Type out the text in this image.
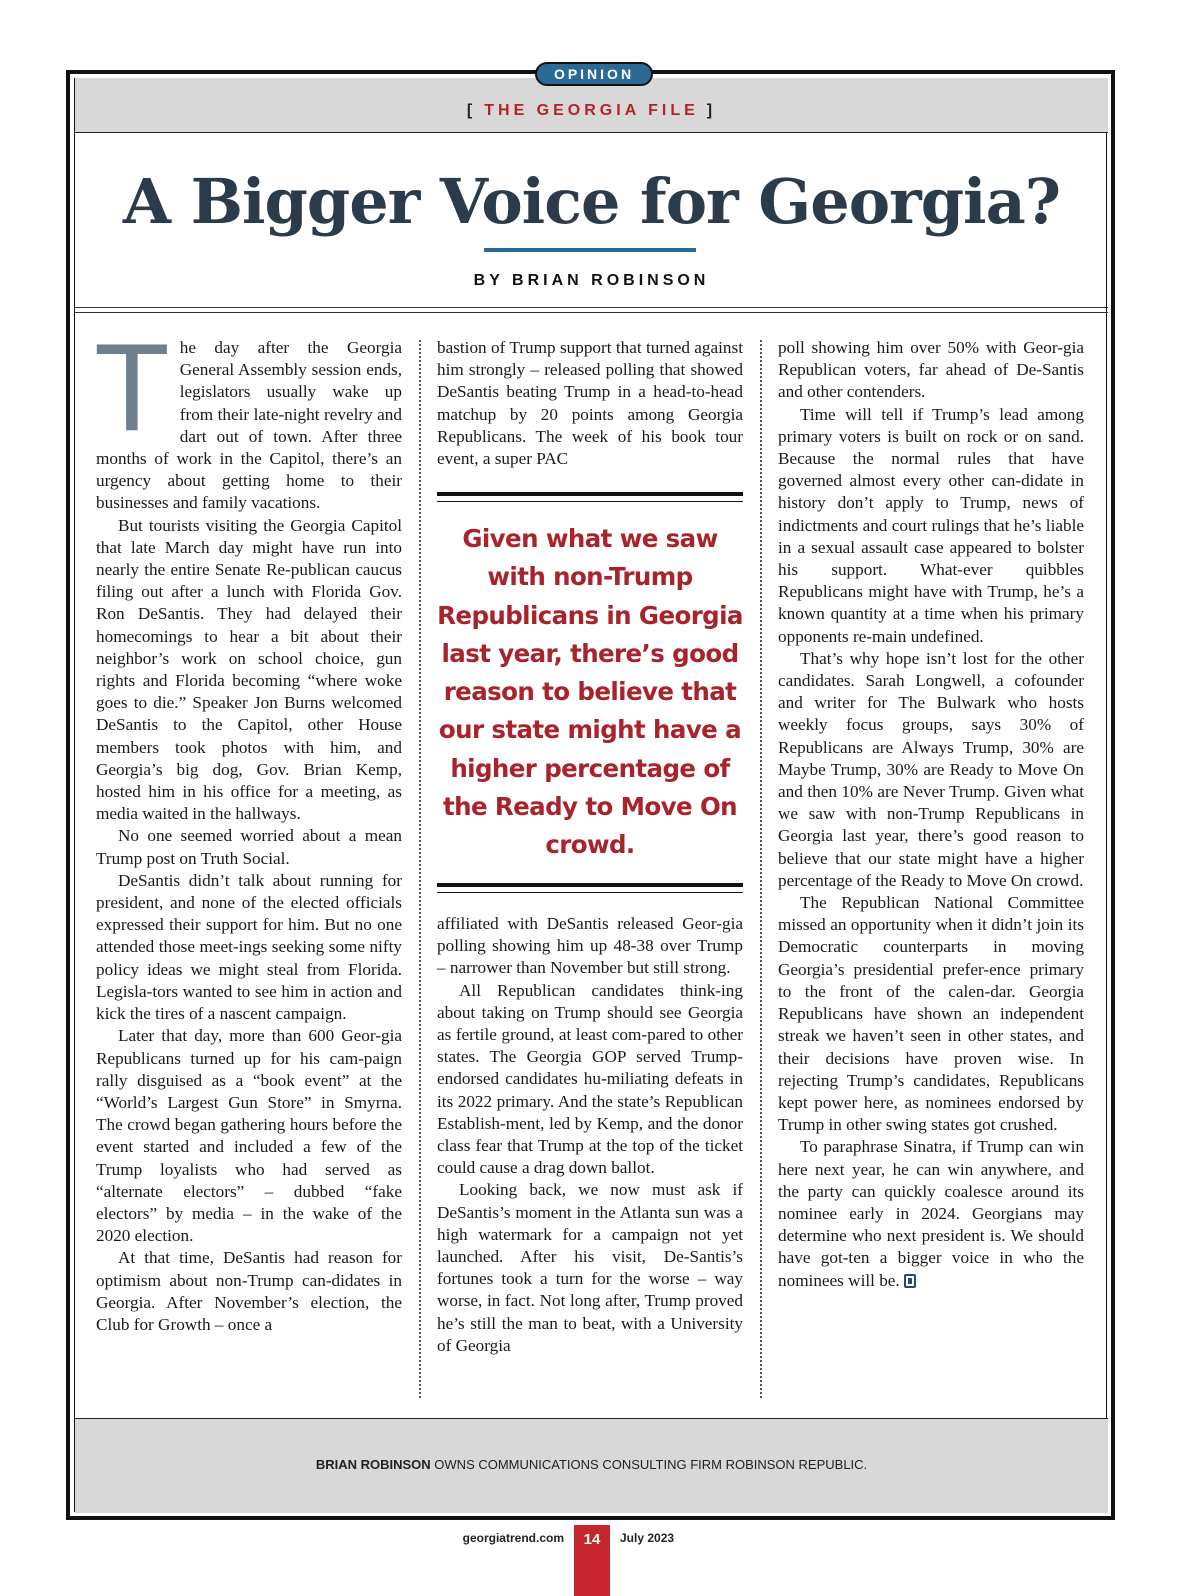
[ THE GEORGIA FILE ]
OPINION
A Bigger Voice for Georgia?
BY BRIAN ROBINSON

The day after the Georgia General Assembly session ends, legislators usually wake up from their late-night revelry and dart out of town. After three months of work in the Capitol, there’s an urgency about getting home to their businesses and family vacations.

But tourists visiting the Georgia Capitol that late March day might have run into nearly the entire Senate Re-publican caucus filing out after a lunch with Florida Gov. Ron DeSantis. They had delayed their homecomings to hear a bit about their neighbor’s work on school choice, gun rights and Florida becoming “where woke goes to die.” Speaker Jon Burns welcomed DeSantis to the Capitol, other House members took photos with him, and Georgia’s big dog, Gov. Brian Kemp, hosted him in his office for a meeting, as media waited in the hallways.

No one seemed worried about a mean Trump post on Truth Social.

DeSantis didn’t talk about running for president, and none of the elected officials expressed their support for him. But no one attended those meet-ings seeking some nifty policy ideas we might steal from Florida. Legisla-tors wanted to see him in action and kick the tires of a nascent campaign.

Later that day, more than 600 Geor-gia Republicans turned up for his cam-paign rally disguised as a “book event” at the “World’s Largest Gun Store” in Smyrna. The crowd began gathering hours before the event started and included a few of the Trump loyalists who had served as “alternate electors” – dubbed “fake electors” by media – in the wake of the 2020 election.

At that time, DeSantis had reason for optimism about non-Trump can-didates in Georgia. After November’s election, the Club for Growth – once a

bastion of Trump support that turned against him strongly – released polling that showed DeSantis beating Trump in a head-to-head matchup by 20 points among Georgia Republicans. The week of his book tour event, a super PAC

Given what we saw with non-Trump Republicans in Georgia last year, there’s good reason to believe that our state might have a higher percentage of the Ready to Move On crowd.

affiliated with DeSantis released Geor-gia polling showing him up 48-38 over Trump – narrower than November but still strong.

All Republican candidates think-ing about taking on Trump should see Georgia as fertile ground, at least com-pared to other states. The Georgia GOP served Trump-endorsed candidates hu-miliating defeats in its 2022 primary. And the state’s Republican Establish-ment, led by Kemp, and the donor class fear that Trump at the top of the ticket could cause a drag down ballot.

Looking back, we now must ask if DeSantis’s moment in the Atlanta sun was a high watermark for a campaign not yet launched. After his visit, De-Santis’s fortunes took a turn for the worse – way worse, in fact. Not long after, Trump proved he’s still the man to beat, with a University of Georgia

poll showing him over 50% with Geor-gia Republican voters, far ahead of De-Santis and other contenders.

Time will tell if Trump’s lead among primary voters is built on rock or on sand. Because the normal rules that have governed almost every other can-didate in history don’t apply to Trump, news of indictments and court rulings that he’s liable in a sexual assault case appeared to bolster his support. What-ever quibbles Republicans might have with Trump, he’s a known quantity at a time when his primary opponents re-main undefined.

That’s why hope isn’t lost for the other candidates. Sarah Longwell, a cofounder and writer for The Bulwark who hosts weekly focus groups, says 30% of Republicans are Always Trump, 30% are Maybe Trump, 30% are Ready to Move On and then 10% are Never Trump. Given what we saw with non-Trump Republicans in Georgia last year, there’s good reason to believe that our state might have a higher percentage of the Ready to Move On crowd.

The Republican National Committee missed an opportunity when it didn’t join its Democratic counterparts in moving Georgia’s presidential prefer-ence primary to the front of the calen-dar. Georgia Republicans have shown an independent streak we haven’t seen in other states, and their decisions have proven wise. In rejecting Trump’s candidates, Republicans kept power here, as nominees endorsed by Trump in other swing states got crushed.

To paraphrase Sinatra, if Trump can win here next year, he can win anywhere, and the party can quickly coalesce around its nominee early in 2024. Georgians may determine who next president is. We should have got-ten a bigger voice in who the nominees will be.

BRIAN ROBINSON OWNS COMMUNICATIONS CONSULTING FIRM ROBINSON REPUBLIC.
georgiatrend.com	14	July 2023
